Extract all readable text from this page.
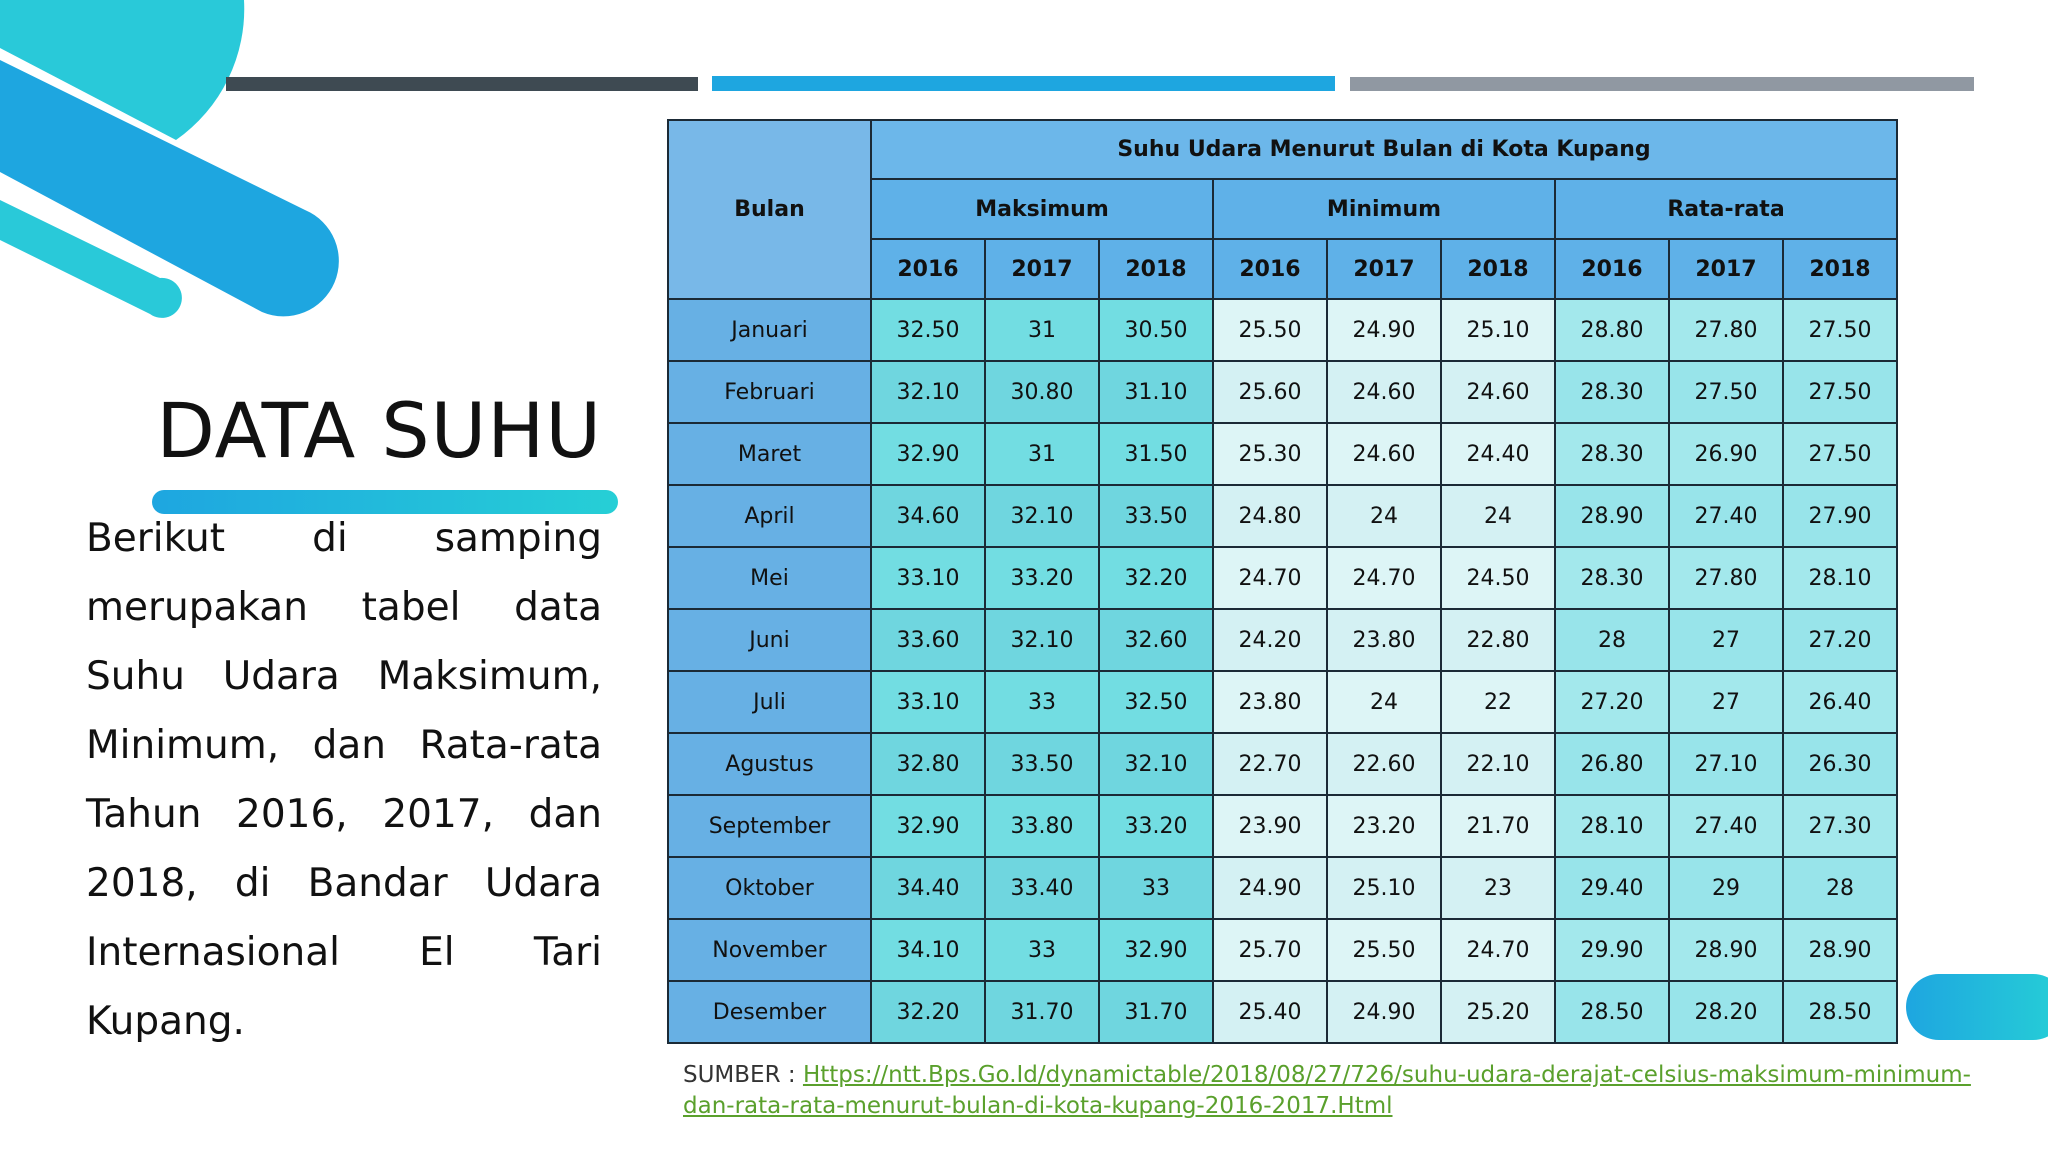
DATA SUHU
Berikut di samping merupakan tabel data Suhu Udara Maksimum, Minimum, dan Rata-rata Tahun 2016, 2017, dan 2018, di Bandar Udara Internasional El Tari Kupang.
Bulan	Suhu Udara Menurut Bulan di Kota Kupang								
	Maksimum			Minimum			Rata-rata		
	2016	2017	2018	2016	2017	2018	2016	2017	2018
Januari	32.50	31	30.50	25.50	24.90	25.10	28.80	27.80	27.50
Februari	32.10	30.80	31.10	25.60	24.60	24.60	28.30	27.50	27.50
Maret	32.90	31	31.50	25.30	24.60	24.40	28.30	26.90	27.50
April	34.60	32.10	33.50	24.80	24	24	28.90	27.40	27.90
Mei	33.10	33.20	32.20	24.70	24.70	24.50	28.30	27.80	28.10
Juni	33.60	32.10	32.60	24.20	23.80	22.80	28	27	27.20
Juli	33.10	33	32.50	23.80	24	22	27.20	27	26.40
Agustus	32.80	33.50	32.10	22.70	22.60	22.10	26.80	27.10	26.30
September	32.90	33.80	33.20	23.90	23.20	21.70	28.10	27.40	27.30
Oktober	34.40	33.40	33	24.90	25.10	23	29.40	29	28
November	34.10	33	32.90	25.70	25.50	24.70	29.90	28.90	28.90
Desember	32.20	31.70	31.70	25.40	24.90	25.20	28.50	28.20	28.50
SUMBER : Https://ntt.Bps.Go.Id/dynamictable/2018/08/27/726/suhu-udara-derajat-celsius-maksimum-minimum-dan-rata-rata-menurut-bulan-di-kota-kupang-2016-2017.Html
